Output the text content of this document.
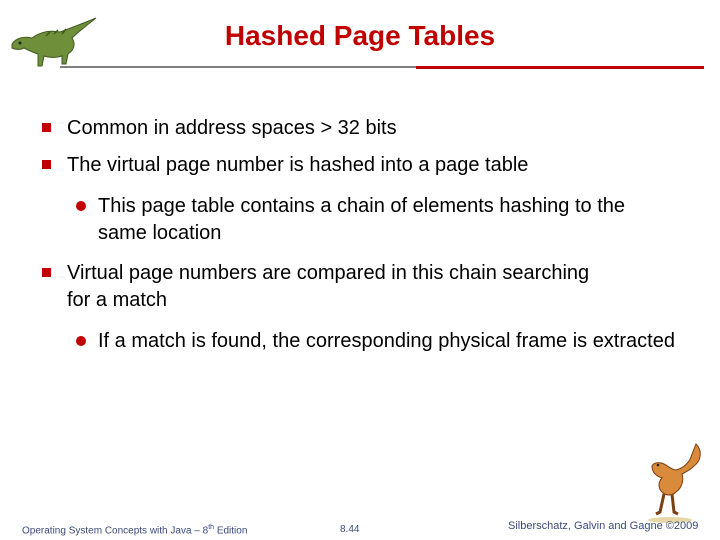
Hashed Page Tables
Common in address spaces > 32 bits
The virtual page number is hashed into a page table
This page table contains a chain of elements hashing to the same location
Virtual page numbers are compared in this chain searching for a match
If a match is found, the corresponding physical frame is extracted
Operating System Concepts with Java – 8th Edition	8.44	Silberschatz, Galvin and Gagne ©2009
